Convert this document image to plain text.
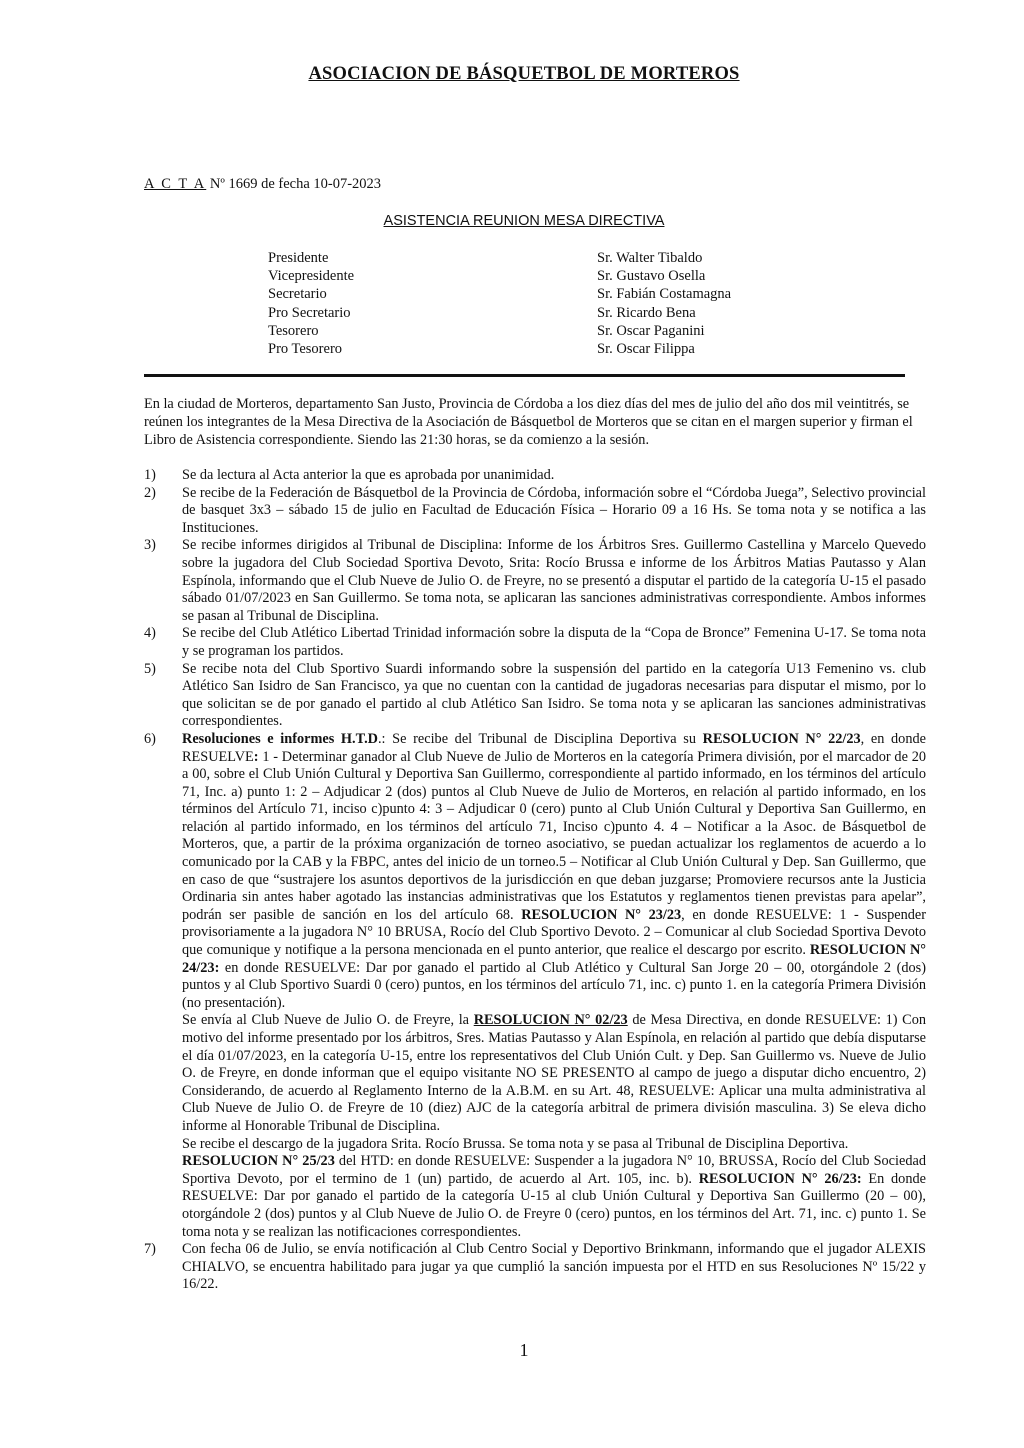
ASOCIACION DE BÁSQUETBOL DE MORTEROS
A C T A Nº 1669 de fecha 10-07-2023
ASISTENCIA REUNION MESA DIRECTIVA
Presidente	Sr. Walter Tibaldo
Vicepresidente	Sr. Gustavo Osella
Secretario	Sr. Fabián Costamagna
Pro Secretario	Sr. Ricardo Bena
Tesorero	Sr. Oscar Paganini
Pro Tesorero	Sr. Oscar Filippa
En la ciudad de Morteros, departamento San Justo, Provincia de Córdoba a los diez días del mes de julio del año dos mil veintitrés, se reúnen los integrantes de la Mesa Directiva de la Asociación de Básquetbol de Morteros que se citan en el margen superior y firman el Libro de Asistencia correspondiente. Siendo las 21:30 horas, se da comienzo a la sesión.
1)	Se da lectura al Acta anterior la que es aprobada por unanimidad.
2)	Se recibe de la Federación de Básquetbol de la Provincia de Córdoba, información sobre el “Córdoba Juega”, Selectivo provincial de basquet 3x3 – sábado 15 de julio en Facultad de Educación Física – Horario 09 a 16 Hs. Se toma nota y se notifica a las Instituciones.
3)	Se recibe informes dirigidos al Tribunal de Disciplina: Informe de los Árbitros Sres. Guillermo Castellina y Marcelo Quevedo sobre la jugadora del Club Sociedad Sportiva Devoto, Srita: Rocío Brussa e informe de los Árbitros Matias Pautasso y Alan Espínola, informando que el Club Nueve de Julio O. de Freyre, no se presentó a disputar el partido de la categoría U-15 el pasado sábado 01/07/2023 en San Guillermo. Se toma nota, se aplicaran las sanciones administrativas correspondiente. Ambos informes se pasan al Tribunal de Disciplina.
4)	Se recibe del Club Atlético Libertad Trinidad información sobre la disputa de la “Copa de Bronce” Femenina U-17. Se toma nota y se programan los partidos.
5)	Se recibe nota del Club Sportivo Suardi informando sobre la suspensión del partido en la categoría U13 Femenino vs. club Atlético San Isidro de San Francisco, ya que no cuentan con la cantidad de jugadoras necesarias para disputar el mismo, por lo que solicitan se de por ganado el partido al club Atlético San Isidro. Se toma nota y se aplicaran las sanciones administrativas correspondientes.
6)	Resoluciones e informes H.T.D.: Se recibe del Tribunal de Disciplina Deportiva su RESOLUCION N° 22/23, en donde RESUELVE: 1 - Determinar ganador al Club Nueve de Julio de Morteros en la categoría Primera división, por el marcador de 20 a 00, sobre el Club Unión Cultural y Deportiva San Guillermo, correspondiente al partido informado, en los términos del artículo 71, Inc. a) punto 1: 2 – Adjudicar 2 (dos) puntos al Club Nueve de Julio de Morteros, en relación al partido informado, en los términos del Artículo 71, inciso c)punto 4: 3 – Adjudicar 0 (cero) punto al Club Unión Cultural y Deportiva San Guillermo, en relación al partido informado, en los términos del artículo 71, Inciso c)punto 4. 4 – Notificar a la Asoc. de Básquetbol de Morteros, que, a partir de la próxima organización de torneo asociativo, se puedan actualizar los reglamentos de acuerdo a lo comunicado por la CAB y la FBPC, antes del inicio de un torneo.5 – Notificar al Club Unión Cultural y Dep. San Guillermo, que en caso de que “sustrajere los asuntos deportivos de la jurisdicción en que deban juzgarse; Promoviere recursos ante la Justicia Ordinaria sin antes haber agotado las instancias administrativas que los Estatutos y reglamentos tienen previstas para apelar”, podrán ser pasible de sanción en los del artículo 68. RESOLUCION N° 23/23, en donde RESUELVE: 1 - Suspender provisoriamente a la jugadora N° 10 BRUSA, Rocío del Club Sportivo Devoto. 2 – Comunicar al club Sociedad Sportiva Devoto que comunique y notifique a la persona mencionada en el punto anterior, que realice el descargo por escrito. RESOLUCION N° 24/23: en donde RESUELVE: Dar por ganado el partido al Club Atlético y Cultural San Jorge 20 – 00, otorgándole 2 (dos) puntos y al Club Sportivo Suardi 0 (cero) puntos, en los términos del artículo 71, inc. c) punto 1. en la categoría Primera División (no presentación).

Se envía al Club Nueve de Julio O. de Freyre, la RESOLUCION N° 02/23 de Mesa Directiva, en donde RESUELVE: 1) Con motivo del informe presentado por los árbitros, Sres. Matias Pautasso y Alan Espínola, en relación al partido que debía disputarse el día 01/07/2023, en la categoría U-15, entre los representativos del Club Unión Cult. y Dep. San Guillermo vs. Nueve de Julio O. de Freyre, en donde informan que el equipo visitante NO SE PRESENTO al campo de juego a disputar dicho encuentro, 2) Considerando, de acuerdo al Reglamento Interno de la A.B.M. en su Art. 48, RESUELVE: Aplicar una multa administrativa al Club Nueve de Julio O. de Freyre de 10 (diez) AJC de la categoría arbitral de primera división masculina. 3) Se eleva dicho informe al Honorable Tribunal de Disciplina.

Se recibe el descargo de la jugadora Srita. Rocío Brussa. Se toma nota y se pasa al Tribunal de Disciplina Deportiva.

RESOLUCION N° 25/23 del HTD: en donde RESUELVE: Suspender a la jugadora N° 10, BRUSSA, Rocío del Club Sociedad Sportiva Devoto, por el termino de 1 (un) partido, de acuerdo al Art. 105, inc. b). RESOLUCION N° 26/23: En donde RESUELVE: Dar por ganado el partido de la categoría U-15 al club Unión Cultural y Deportiva San Guillermo (20 – 00), otorgándole 2 (dos) puntos y al Club Nueve de Julio O. de Freyre 0 (cero) puntos, en los términos del Art. 71, inc. c) punto 1. Se toma nota y se realizan las notificaciones correspondientes.

7)	Con fecha 06 de Julio, se envía notificación al Club Centro Social y Deportivo Brinkmann, informando que el jugador ALEXIS CHIALVO, se encuentra habilitado para jugar ya que cumplió la sanción impuesta por el HTD en sus Resoluciones Nº 15/22 y 16/22.
1
